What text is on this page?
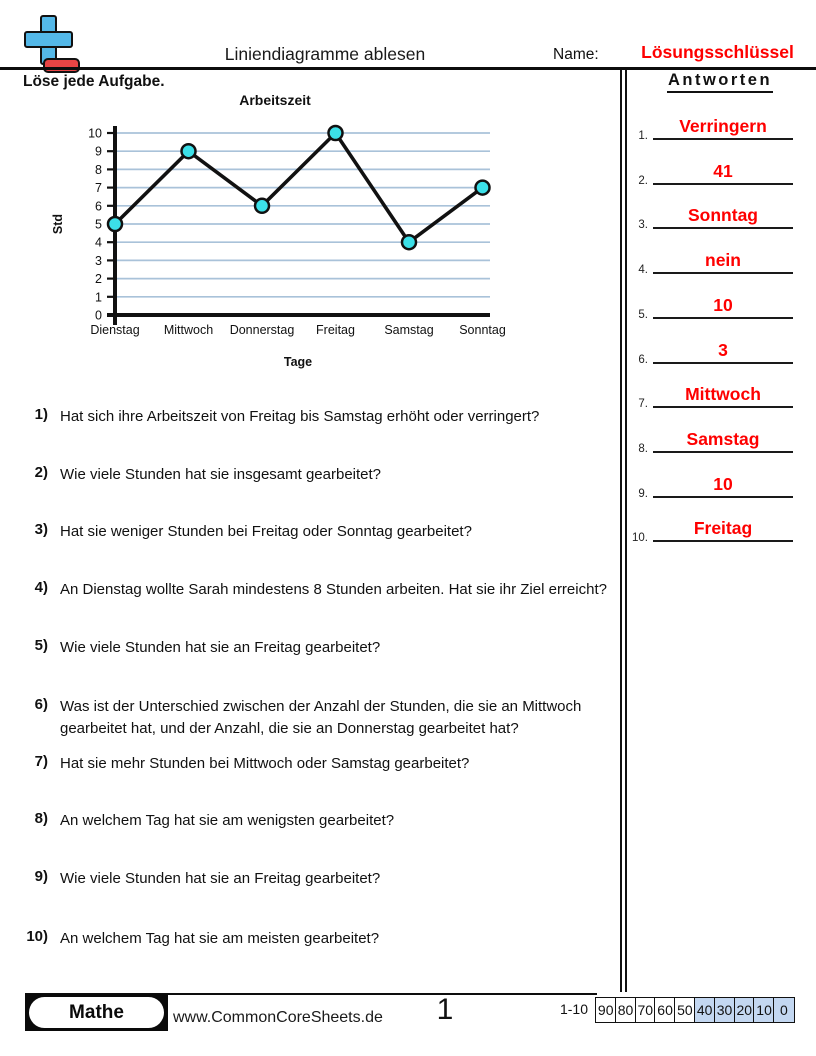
Liniendiagramme ablesen	Name:	Lösungsschlüssel
Löse jede Aufgabe.	Antworten
1.	Verringern
2.	41
3.	Sonntag
4.	nein
5.	10
6.	3
7.	Mittwoch
8.	Samstag
9.	10
10.	Freitag
Arbeitszeit
0
1
2
3
4
5
6
7
8
9
10
Std
Tage
Dienstag Mittwoch Donnerstag Freitag Samstag Sonntag
1) Hat sich ihre Arbeitszeit von Freitag bis Samstag erhöht oder verringert?
2) Wie viele Stunden hat sie insgesamt gearbeitet?
3) Hat sie weniger Stunden bei Freitag oder Sonntag gearbeitet?
4) An Dienstag wollte Sarah mindestens 8 Stunden arbeiten. Hat sie ihr Ziel erreicht?
5) Wie viele Stunden hat sie an Freitag gearbeitet?
6) Was ist der Unterschied zwischen der Anzahl der Stunden, die sie an Mittwoch gearbeitet hat, und der Anzahl, die sie an Donnerstag gearbeitet hat?
7) Hat sie mehr Stunden bei Mittwoch oder Samstag gearbeitet?
8) An welchem Tag hat sie am wenigsten gearbeitet?
9) Wie viele Stunden hat sie an Freitag gearbeitet?
10) An welchem Tag hat sie am meisten gearbeitet?
Mathe	www.CommonCoreSheets.de	1	1-10 90 80 70 60 50 40 30 20 10 0
